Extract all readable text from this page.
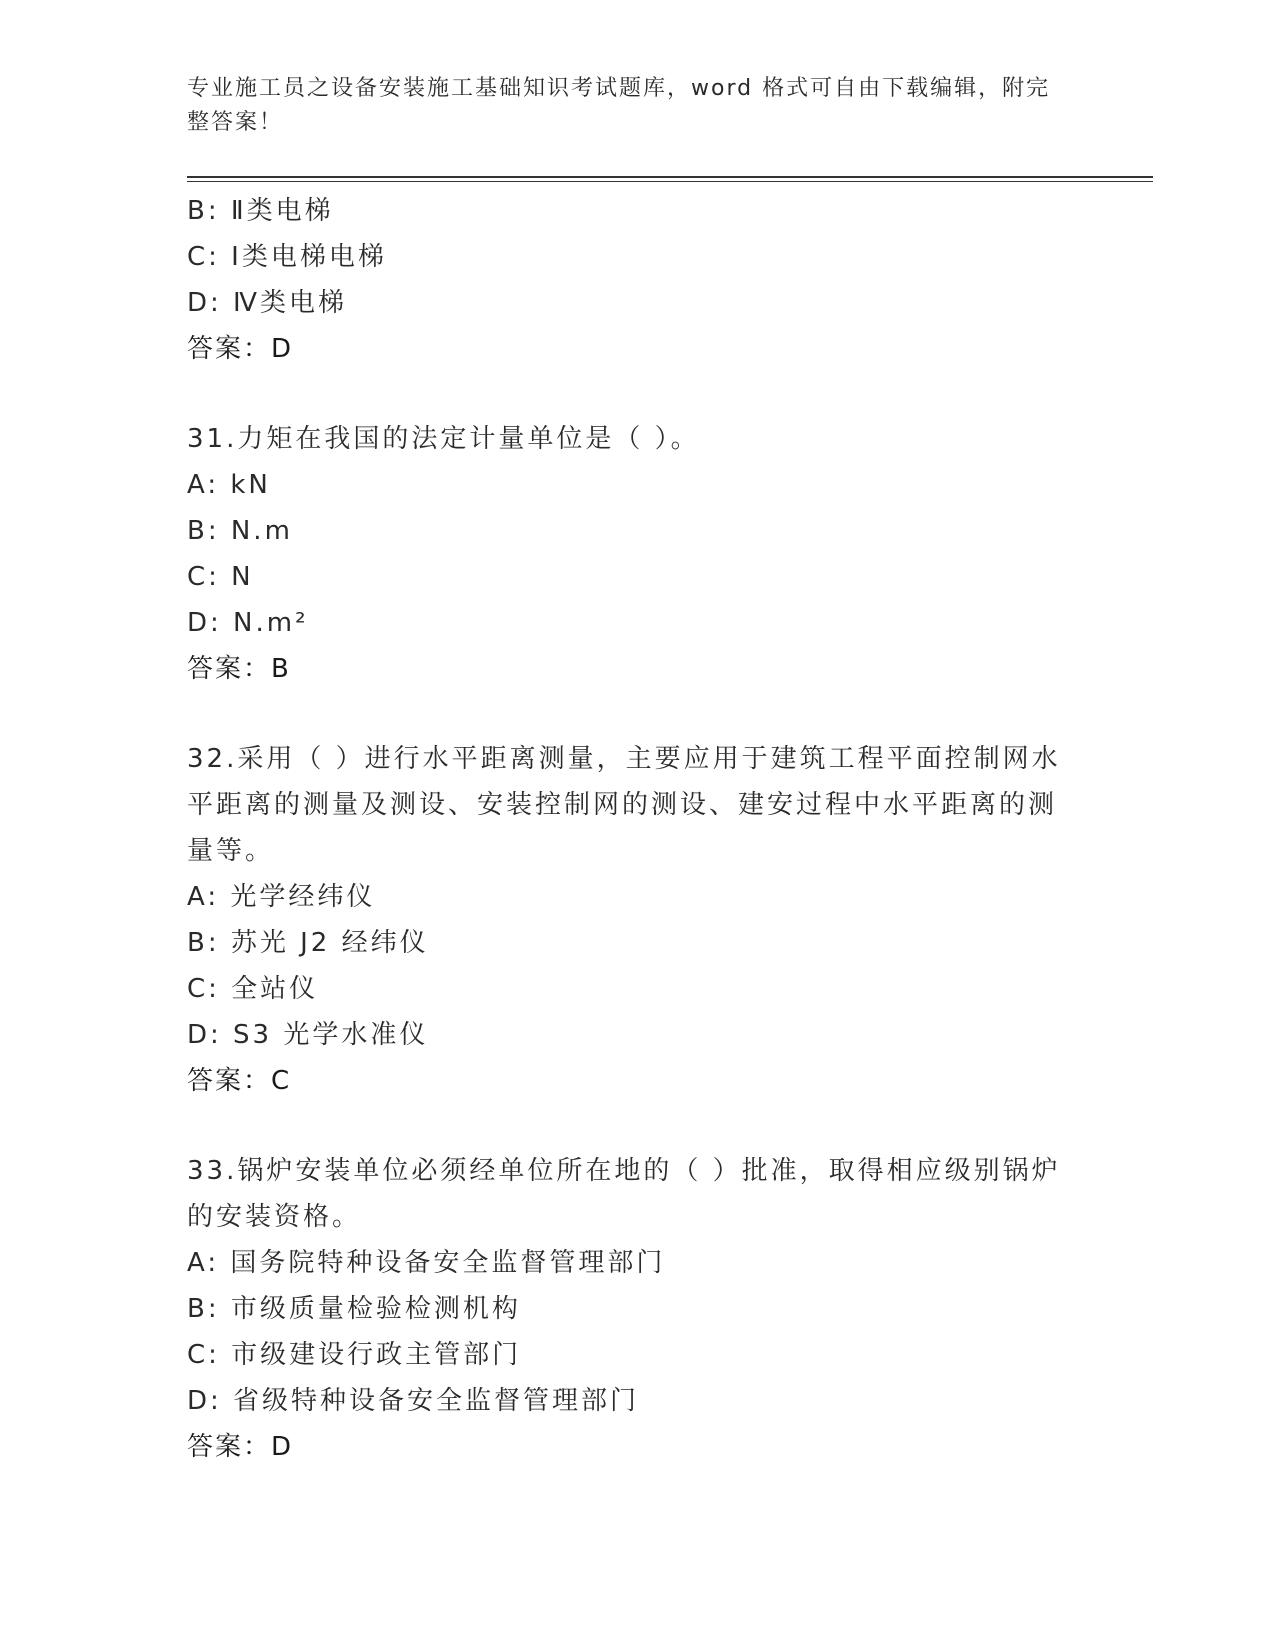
专业施工员之设备安装施工基础知识考试题库，word 格式可自由下载编辑，附完整答案！
B: Ⅱ类电梯
C: Ⅰ类电梯电梯
D: Ⅳ类电梯
答案：D
31.力矩在我国的法定计量单位是（ ）。
A: kN
B: N.m
C: N
D: N.m²
答案：B
32.采用（ ）进行水平距离测量，主要应用于建筑工程平面控制网水平距离的测量及测设、安装控制网的测设、建安过程中水平距离的测量等。
A: 光学经纬仪
B: 苏光 J2 经纬仪
C: 全站仪
D: S3 光学水准仪
答案：C
33.锅炉安装单位必须经单位所在地的（ ）批准，取得相应级别锅炉的安装资格。
A: 国务院特种设备安全监督管理部门
B: 市级质量检验检测机构
C: 市级建设行政主管部门
D: 省级特种设备安全监督管理部门
答案：D
